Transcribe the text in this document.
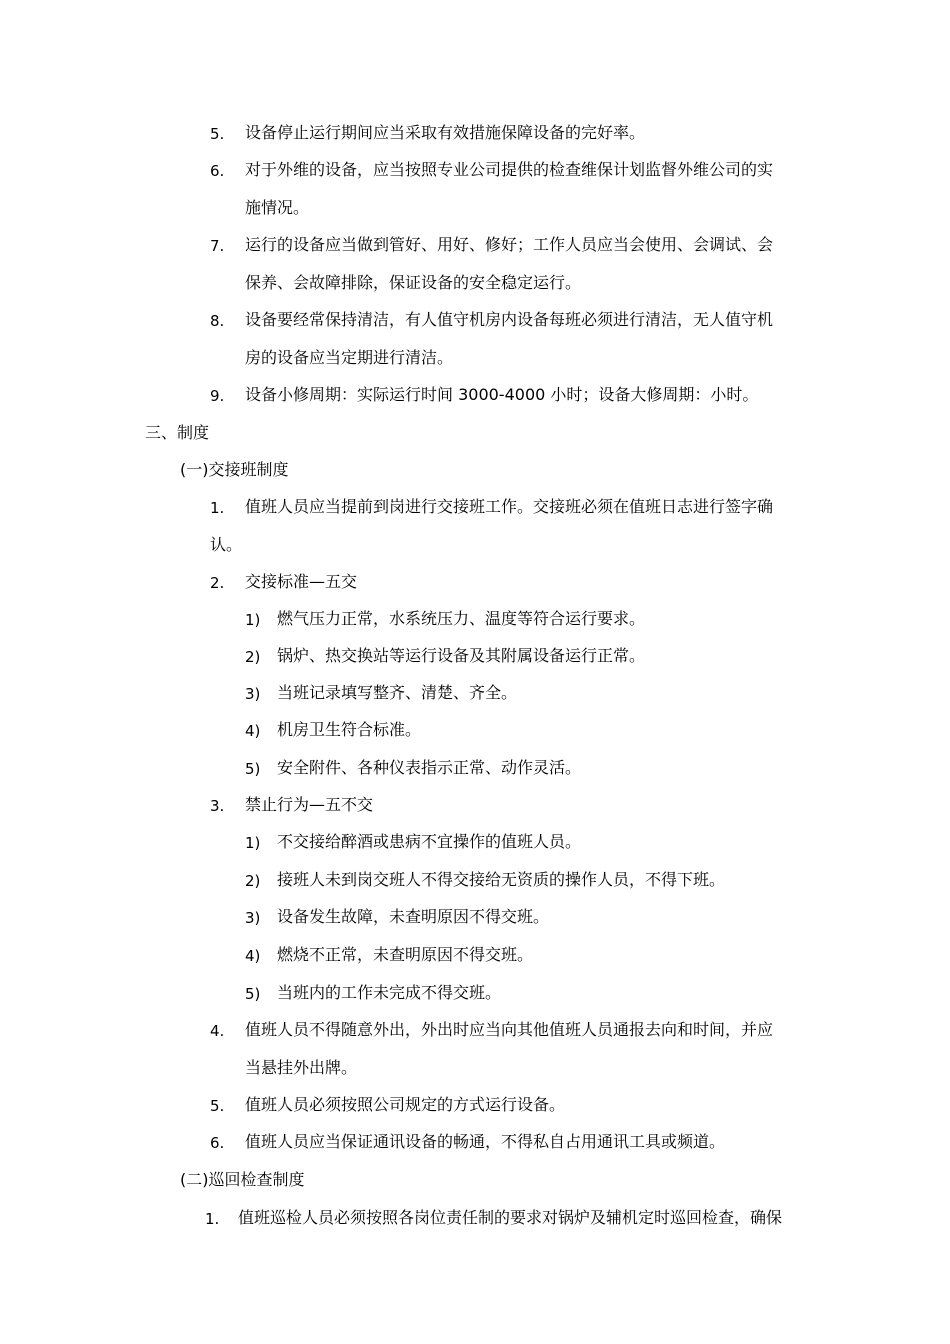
5. 设备停止运行期间应当采取有效措施保障设备的完好率。
6. 对于外维的设备，应当按照专业公司提供的检查维保计划监督外维公司的实
施情况。
7. 运行的设备应当做到管好、用好、修好；工作人员应当会使用、会调试、会
保养、会故障排除，保证设备的安全稳定运行。
8. 设备要经常保持清洁，有人值守机房内设备每班必须进行清洁，无人值守机
房的设备应当定期进行清洁。
9. 设备小修周期：实际运行时间 3000-4000 小时；设备大修周期：小时。
三、制度
(一)交接班制度
1. 值班人员应当提前到岗进行交接班工作。交接班必须在值班日志进行签字确
认。
2. 交接标准—五交
1) 燃气压力正常，水系统压力、温度等符合运行要求。
2) 锅炉、热交换站等运行设备及其附属设备运行正常。
3) 当班记录填写整齐、清楚、齐全。
4) 机房卫生符合标准。
5) 安全附件、各种仪表指示正常、动作灵活。
3. 禁止行为—五不交
1) 不交接给醉酒或患病不宜操作的值班人员。
2) 接班人未到岗交班人不得交接给无资质的操作人员，不得下班。
3) 设备发生故障，未查明原因不得交班。
4) 燃烧不正常，未查明原因不得交班。
5) 当班内的工作未完成不得交班。
4. 值班人员不得随意外出，外出时应当向其他值班人员通报去向和时间，并应
当悬挂外出牌。
5. 值班人员必须按照公司规定的方式运行设备。
6. 值班人员应当保证通讯设备的畅通，不得私自占用通讯工具或频道。
(二)巡回检查制度
1. 值班巡检人员必须按照各岗位责任制的要求对锅炉及辅机定时巡回检查，确保
